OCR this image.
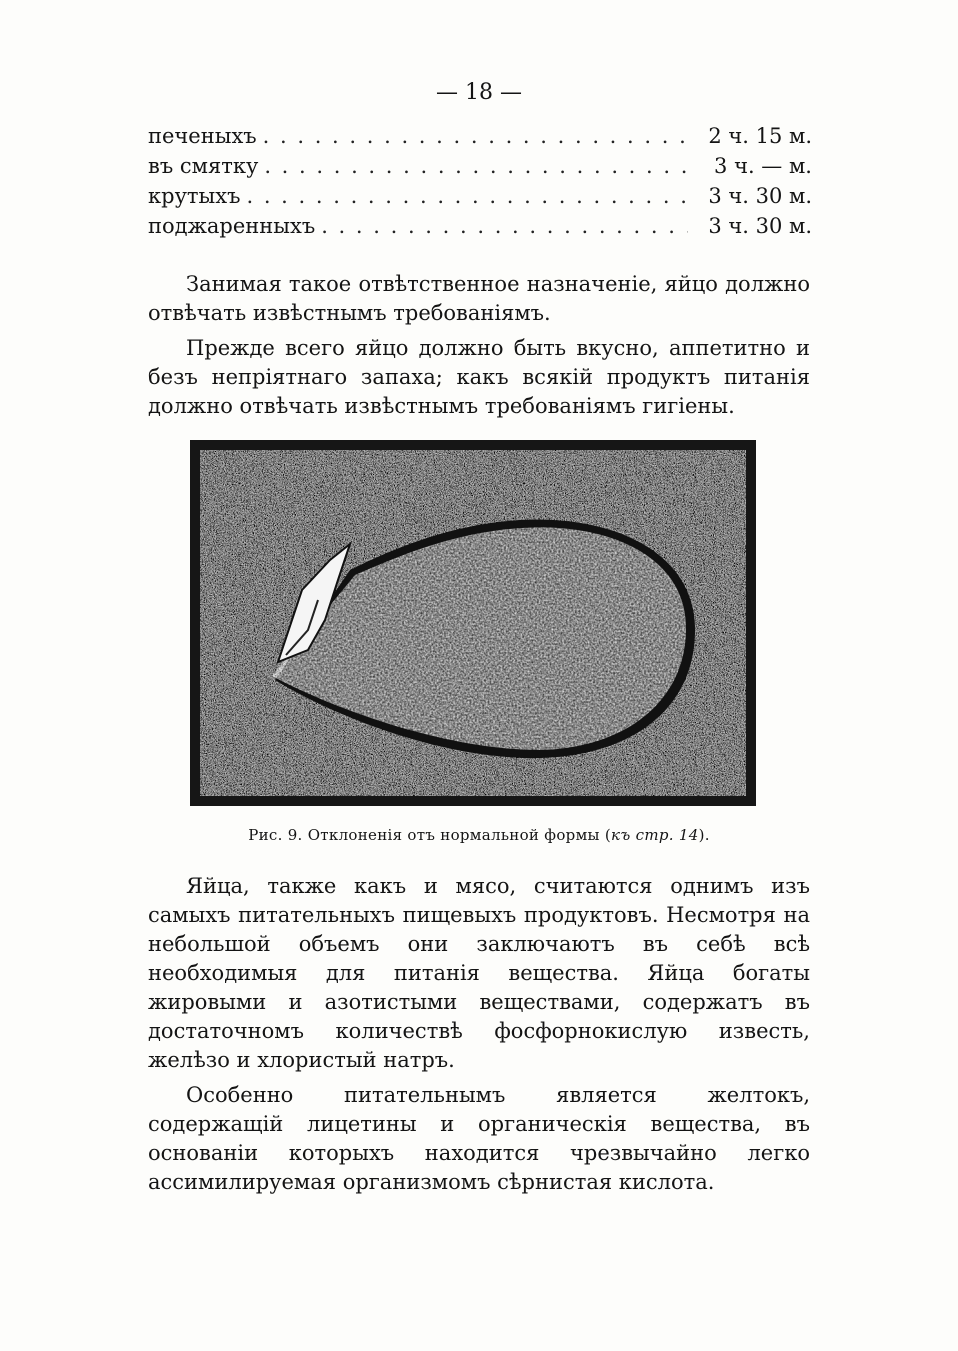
— 18 —
печеныхъ . . .	2 ч. 15 м.
въ смятку . . .	3 ч. — м.
крутыхъ . . .	3 ч. 30 м.
поджаренныхъ . . .	3 ч. 30 м.

Занимая такое отвѣтственное назначеніе, яйцо должно отвѣчать извѣстнымъ требованіямъ.

Прежде всего яйцо должно быть вкусно, аппетитно и безъ непріятнаго запаха; какъ всякій продуктъ питанія должно отвѣчать извѣстнымъ требованіямъ гигіены.

Рис. 9. Отклоненія отъ нормальной формы (къ стр. 14).

Яйца, также какъ и мясо, считаются однимъ изъ самыхъ питательныхъ пищевыхъ продуктовъ. Несмотря на небольшой объемъ они заключаютъ въ себѣ всѣ необходимыя для питанія вещества. Яйца богаты жировыми и азотистыми веществами, содержатъ въ достаточномъ количествѣ фосфорнокислую известь, желѣзо и хлористый натръ.

Особенно питательнымъ является желтокъ, содержащій лицетины и органическія вещества, въ основаніи которыхъ находится чрезвычайно легко ассимилируемая организмомъ сѣрнистая кислота.
